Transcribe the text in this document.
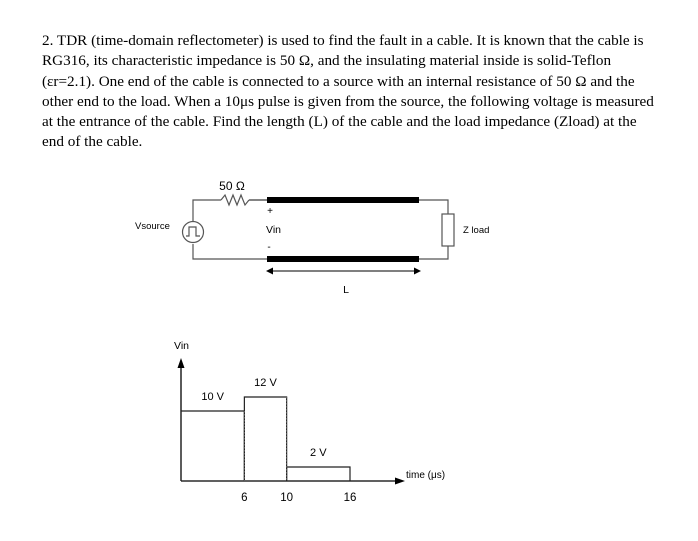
2. TDR (time-domain reflectometer) is used to find the fault in a cable. It is known that the cable is RG316, its characteristic impedance is 50 Ω, and the insulating material inside is solid-Teflon (εr=2.1). One end of the cable is connected to a source with an internal resistance of 50 Ω and the other end to the load. When a 10μs pulse is given from the source, the following voltage is measured at the entrance of the cable. Find the length (L) of the cable and the load impedance (Zload) at the end of the cable.

50 Ω
Vsource
+
Vin
-
Z load
L
10 V
12 V
2 V
6	10	16
Vin
time (μs)
